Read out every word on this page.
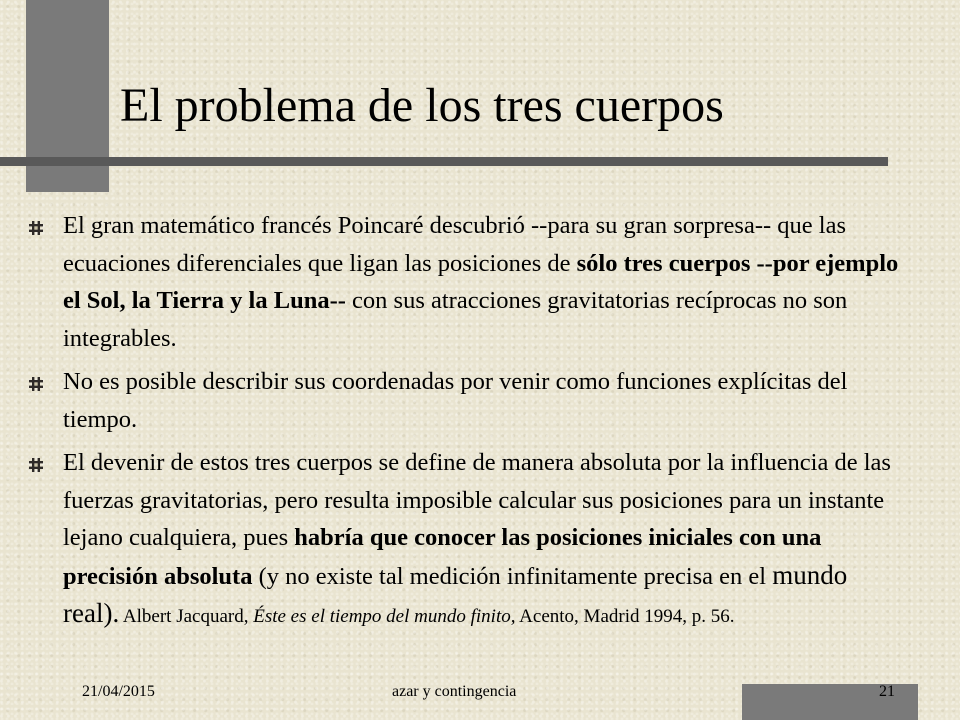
El problema de los tres cuerpos
El gran matemático francés Poincaré descubrió --para su gran sorpresa-- que las ecuaciones diferenciales que ligan las posiciones de sólo tres cuerpos --por ejemplo el Sol, la Tierra y la Luna-- con sus atracciones gravitatorias recíprocas no son integrables.
No es posible describir sus coordenadas por venir como funciones explícitas del tiempo.
El devenir de estos tres cuerpos se define de manera absoluta por la influencia de las fuerzas gravitatorias, pero resulta imposible calcular sus posiciones para un instante lejano cualquiera, pues habría que conocer las posiciones iniciales con una precisión absoluta (y no existe tal medición infinitamente precisa en el mundo real). Albert Jacquard, Éste es el tiempo del mundo finito, Acento, Madrid 1994, p. 56.
21/04/2015	azar y contingencia	21
